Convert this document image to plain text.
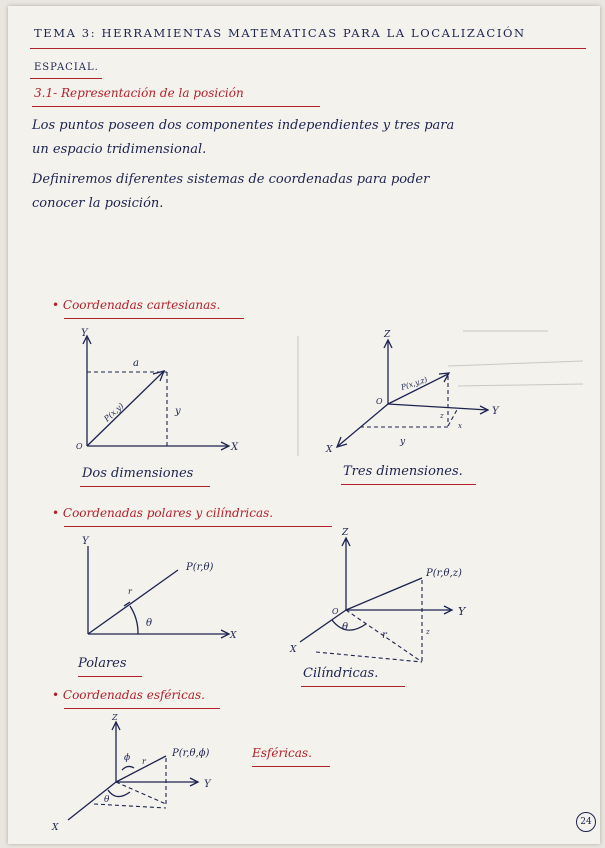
TEMA 3: HERRAMIENTAS MATEMATICAS PARA LA LOCALIZACIÓN
ESPACIAL.
3.1- Representación de la posición
Los puntos poseen dos componentes independientes y tres para
un espacio tridimensional.
Definiremos diferentes sistemas de coordenadas para poder
conocer la posición.
• Coordenadas cartesianas.
Y
X
O
a
y
P(x,y)
Dos dimensiones
Z
Y
X
O
P(x,y,z)
x
y
z
Tres dimensiones.
• Coordenadas polares y cilíndricas.
Y
X
P(r,θ)
θ
r
Polares
Z
Y
X
O
P(r,θ,z)
θ
r	z
Cilíndricas.
• Coordenadas esféricas.
Z
Y
X
P(r,θ,ϕ)
θ
ϕ r
Esféricas.
24
